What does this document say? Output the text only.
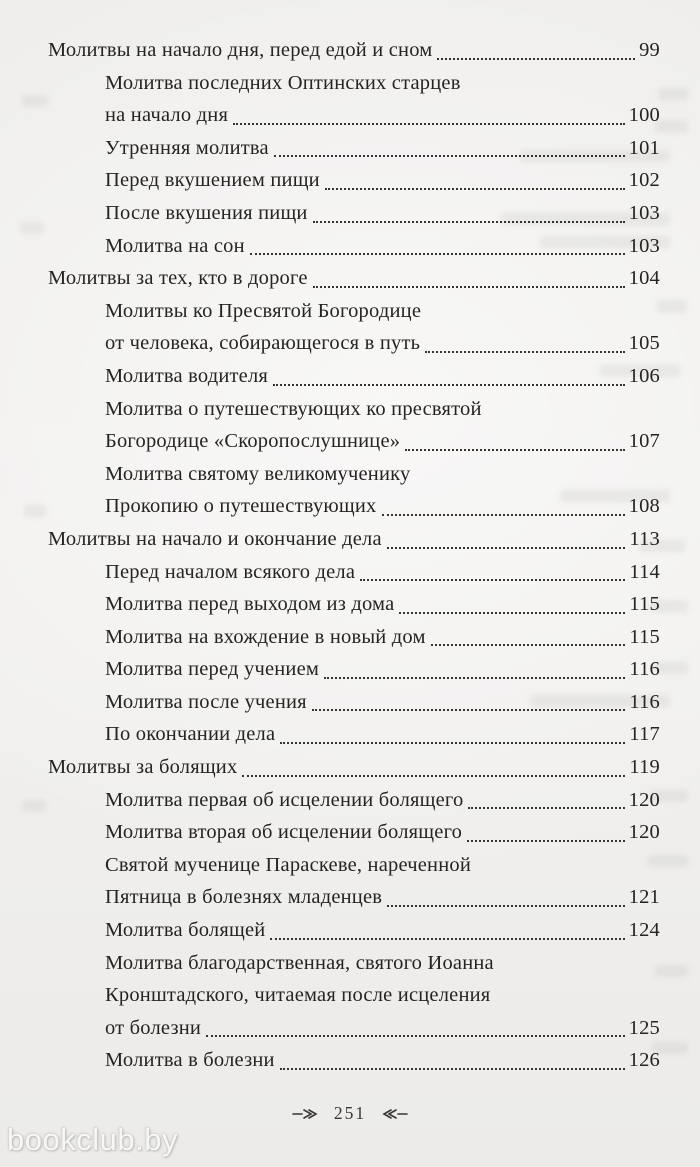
Молитвы на начало дня, перед едой и сном	99
Молитва последних Оптинских старцев
на начало дня	100
Утренняя молитва	101
Перед вкушением пищи	102
После вкушения пищи	103
Молитва на сон	103
Молитвы за тех, кто в дороге	104
Молитвы ко Пресвятой Богородице
от человека, собирающегося в путь	105
Молитва водителя	106
Молитва о путешествующих ко пресвятой
Богородице «Скоропослушнице»	107
Молитва святому великомученику
Прокопию о путешествующих	108
Молитвы на начало и окончание дела	113
Перед началом всякого дела	114
Молитва перед выходом из дома	115
Молитва на вхождение в новый дом	115
Молитва перед учением	116
Молитва после учения	116
По окончании дела	117
Молитвы за болящих	119
Молитва первая об исцелении болящего	120
Молитва вторая об исцелении болящего	120
Святой мученице Параскеве, нареченной
Пятница в болезнях младенцев	121
Молитва болящей	124
Молитва благодарственная, святого Иоанна
Кронштадского, читаемая после исцеления
от болезни	125
Молитва в болезни	126
251
bookclub.by
